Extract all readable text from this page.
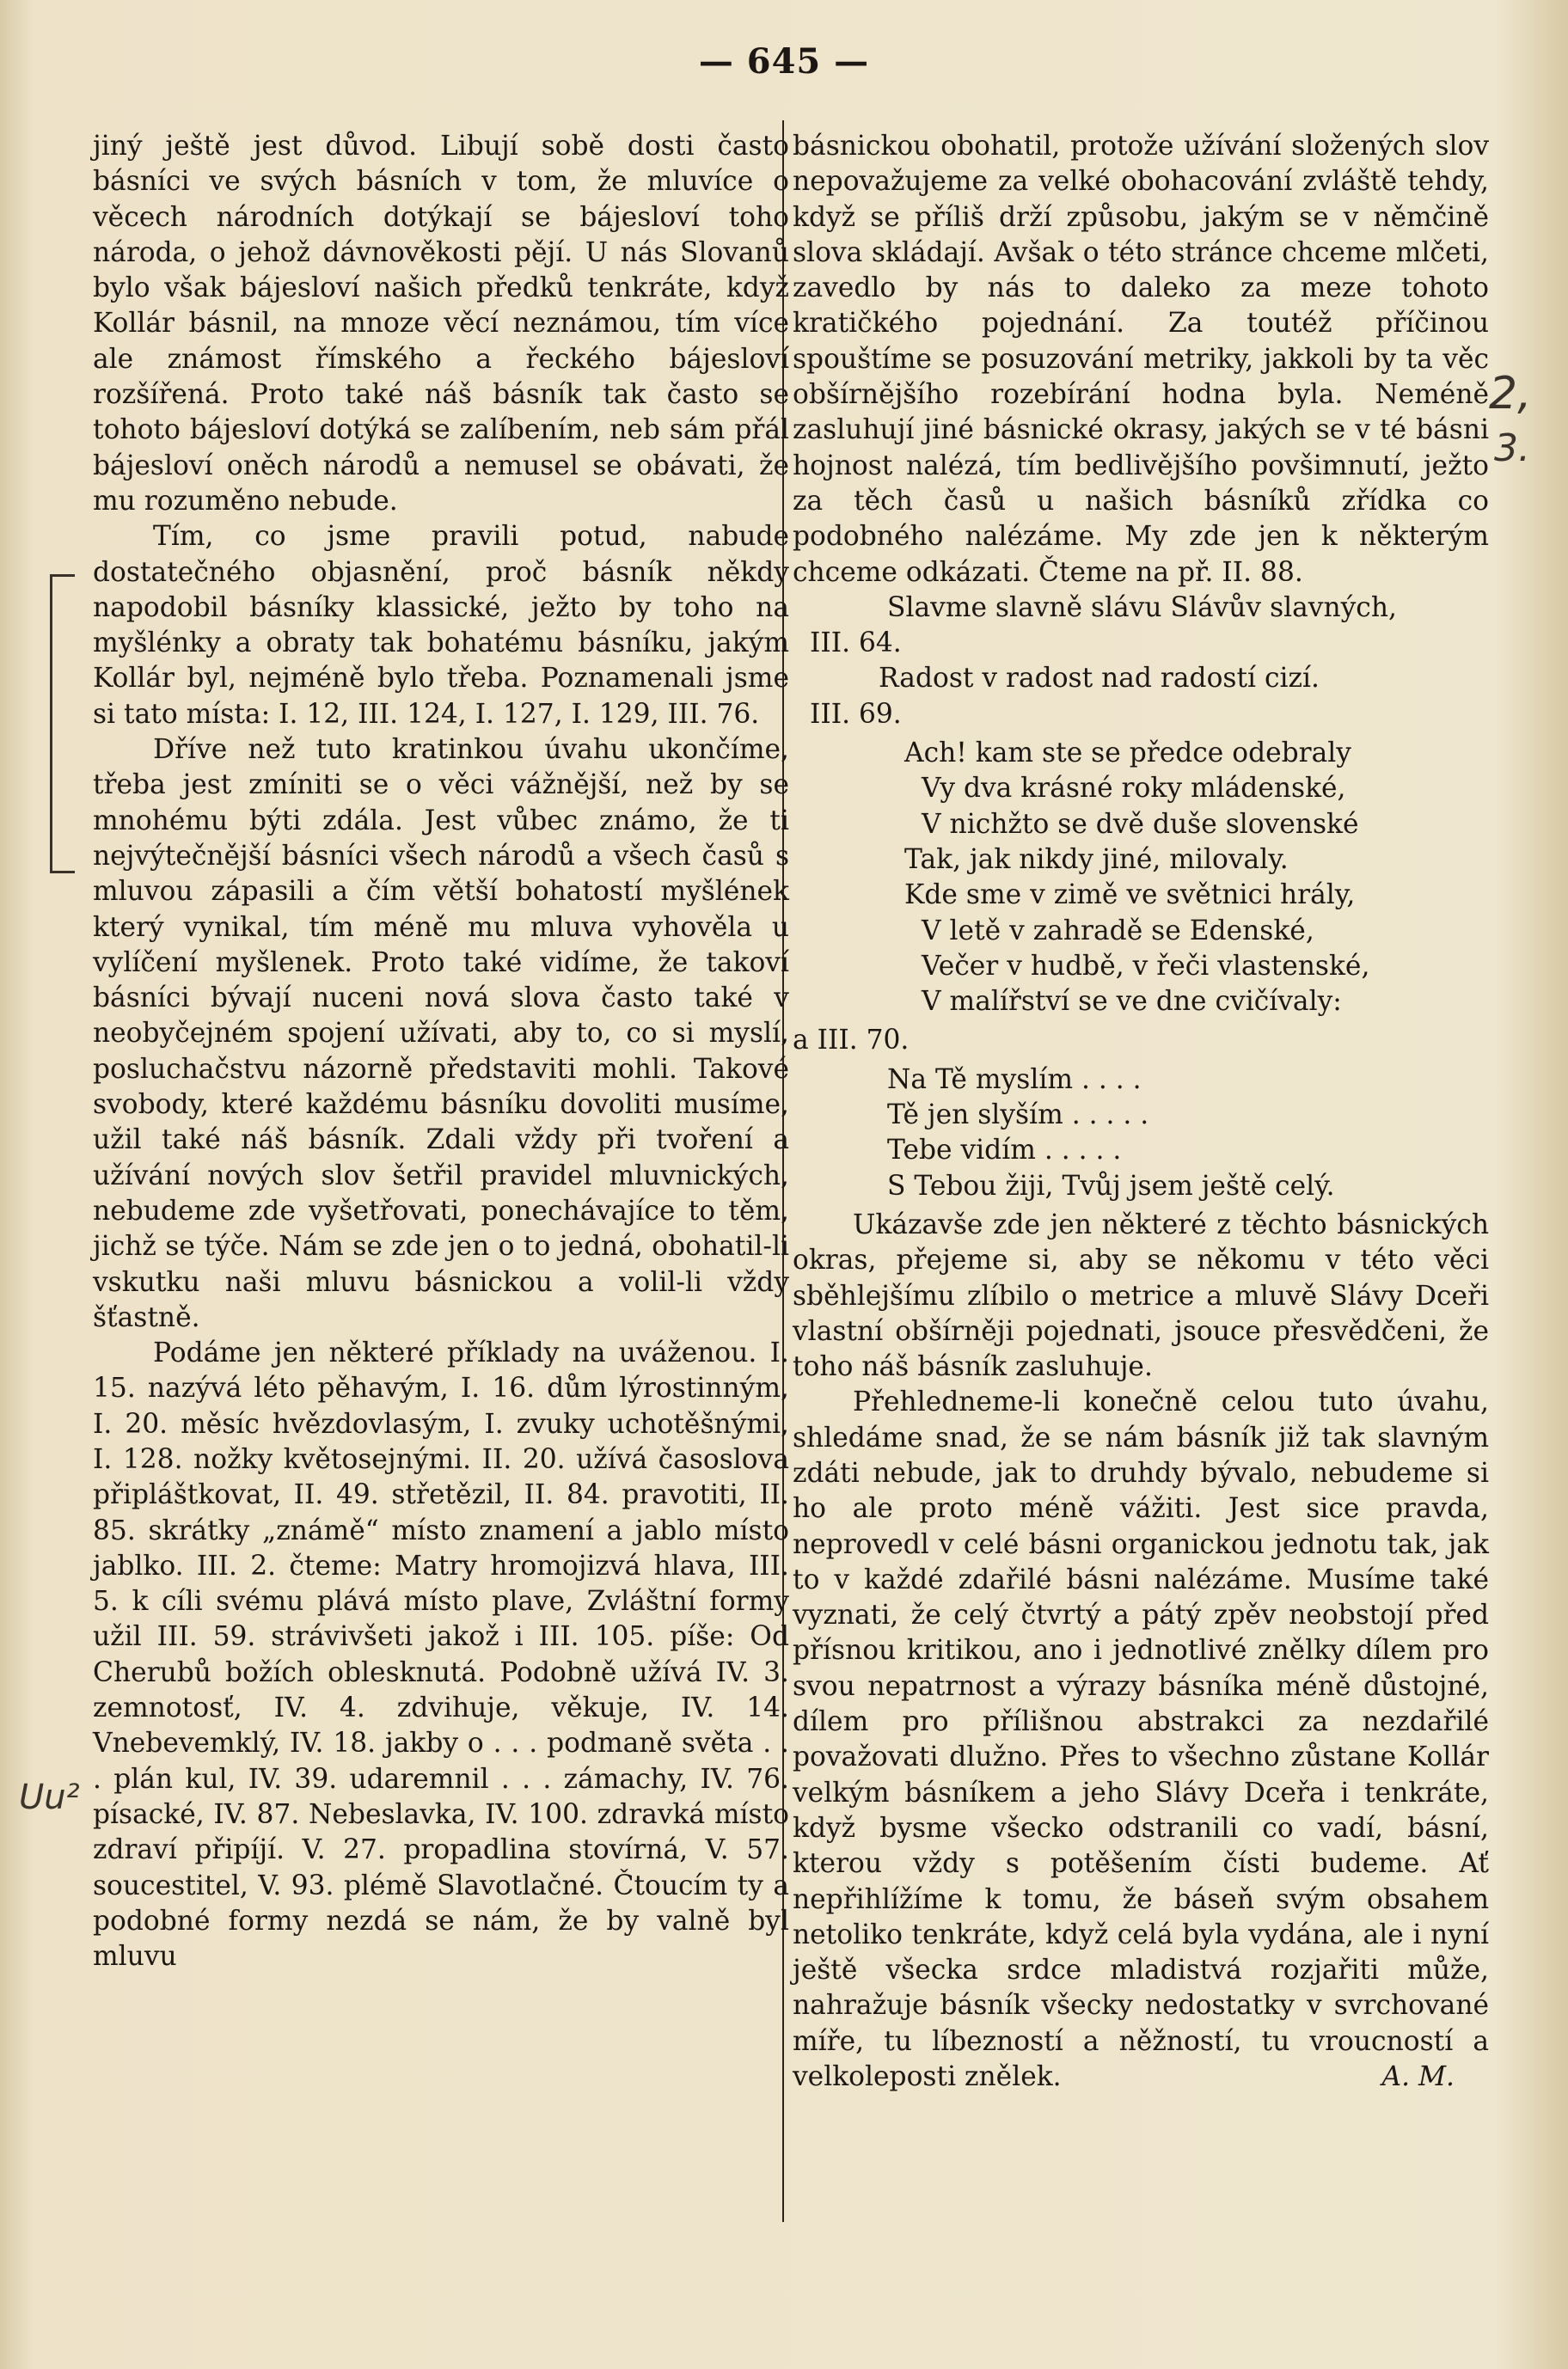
— 645 —

jiný ještě jest důvod. Libují sobě dosti často básníci ve svých básních v tom, že mluvíce o věcech národních dotýkají se bájesloví toho národa, o jehož dávnověkosti pějí. U nás Slovanů bylo však bájesloví našich předků tenkráte, když Kollár básnil, na mnoze věcí neznámou, tím více ale známost římského a řeckého bájesloví rozšířená. Proto také náš básník tak často se tohoto bájesloví dotýká se zalíbením, neb sám přál bájesloví oněch národů a nemusel se obávati, že mu rozuměno nebude.

Tím, co jsme pravili potud, nabude dostatečného objasnění, proč básník někdy napodobil básníky klassické, ježto by toho na myšlénky a obraty tak bohatému básníku, jakým Kollár byl, nejméně bylo třeba. Poznamenali jsme si tato místa: I. 12, III. 124, I. 127, I. 129, III. 76.

Dříve než tuto kratinkou úvahu ukončíme, třeba jest zmíniti se o věci vážnější, než by se mnohému býti zdála. Jest vůbec známo, že ti nejvýtečnější básníci všech národů a všech časů s mluvou zápasili a čím větší bohatostí myšlének který vynikal, tím méně mu mluva vyhověla u vylíčení myšlenek. Proto také vidíme, že takoví básníci bývají nuceni nová slova často také v neobyčejném spojení užívati, aby to, co si myslí, posluchačstvu názorně představiti mohli. Takové svobody, které každému básníku dovoliti musíme, užil také náš básník. Zdali vždy při tvoření a užívání nových slov šetřil pravidel mluvnických, nebudeme zde vyšetřovati, ponechávajíce to těm, jichž se týče. Nám se zde jen o to jedná, obohatil-li vskutku naši mluvu básnickou a volil-li vždy šťastně.

Podáme jen některé příklady na uváženou. I. 15. nazývá léto pěhavým, I. 16. dům lýrostinným, I. 20. měsíc hvězdovlasým, I. zvuky uchotěšnými, I. 128. nožky květosejnými. II. 20. užívá časoslova připláštkovat, II. 49. střetězil, II. 84. pravotiti, II. 85. skrátky „známě“ místo znamení a jablo místo jablko. III. 2. čteme: Matry hromojizvá hlava, III. 5. k cíli svému plává místo plave, Zvláštní formy užil III. 59. strávivšeti jakož i III. 105. píše: Od Cherubů božích oblesknutá. Podobně užívá IV. 3. zemnotosť, IV. 4. zdvihuje, věkuje, IV. 14. Vnebevemklý, IV. 18. jakby o . . . podmaně světa . . . plán kul, IV. 39. udaremnil . . . zámachy, IV. 76. písacké, IV. 87. Nebeslavka, IV. 100. zdravká místo zdraví připíjí. V. 27. propadlina stovírná, V. 57. soucestitel, V. 93. plémě Slavotlačné. Čtoucím ty a podobné formy nezdá se nám, že by valně byl mluvu

básnickou obohatil, protože užívání složených slov nepovažujeme za velké obohacování zvláště tehdy, když se příliš drží způsobu, jakým se v němčině slova skládají. Avšak o této stránce chceme mlčeti, zavedlo by nás to daleko za meze tohoto kratičkého pojednání. Za toutéž příčinou spouštíme se posuzování metriky, jakkoli by ta věc obšírnějšího rozebírání hodna byla. Neméně zasluhují jiné básnické okrasy, jakých se v té básni hojnost nalézá, tím bedlivějšího povšimnutí, ježto za těch časů u našich básníků zřídka co podobného nalézáme. My zde jen k některým chceme odkázati. Čteme na př. II. 88.

Slavme slavně slávu Slávův slavných,

III. 64.

Radost v radost nad radostí cizí.

III. 69.

Ach! kam ste se předce odebraly

Vy dva krásné roky mládenské,

V nichžto se dvě duše slovenské

Tak, jak nikdy jiné, milovaly.

Kde sme v zimě ve světnici hrály,

V letě v zahradě se Edenské,

Večer v hudbě, v řeči vlastenské,

V malířství se ve dne cvičívaly:

a III. 70.

Na Tě myslím . . . .

Tě jen slyším . . . . .

Tebe vidím . . . . .

S Tebou žiji, Tvůj jsem ještě celý.

Ukázavše zde jen některé z těchto básnických okras, přejeme si, aby se někomu v této věci sběhlejšímu zlíbilo o metrice a mluvě Slávy Dceři vlastní obšírněji pojednati, jsouce přesvědčeni, že toho náš básník zasluhuje.

Přehledneme-li konečně celou tuto úvahu, shledáme snad, že se nám básník již tak slavným zdáti nebude, jak to druhdy bývalo, nebudeme si ho ale proto méně vážiti. Jest sice pravda, neprovedl v celé básni organickou jednotu tak, jak to v každé zdařilé básni nalézáme. Musíme také vyznati, že celý čtvrtý a pátý zpěv neobstojí před přísnou kritikou, ano i jednotlivé znělky dílem pro svou nepatrnost a výrazy básníka méně důstojné, dílem pro přílišnou abstrakci za nezdařilé považovati dlužno. Přes to všechno zůstane Kollár velkým básníkem a jeho Slávy Dceřa i tenkráte, když bysme všecko odstranili co vadí, básní, kterou vždy s potěšením čísti budeme. Ať nepřihlížíme k tomu, že báseň svým obsahem netoliko tenkráte, když celá byla vydána, ale i nyní ještě všecka srdce mladistvá rozjařiti může, nahražuje básník všecky nedostatky v svrchované míře, tu líbezností a něžností, tu vroucností a velkoleposti znělek.	A. M.

2,
3.
Uu²
